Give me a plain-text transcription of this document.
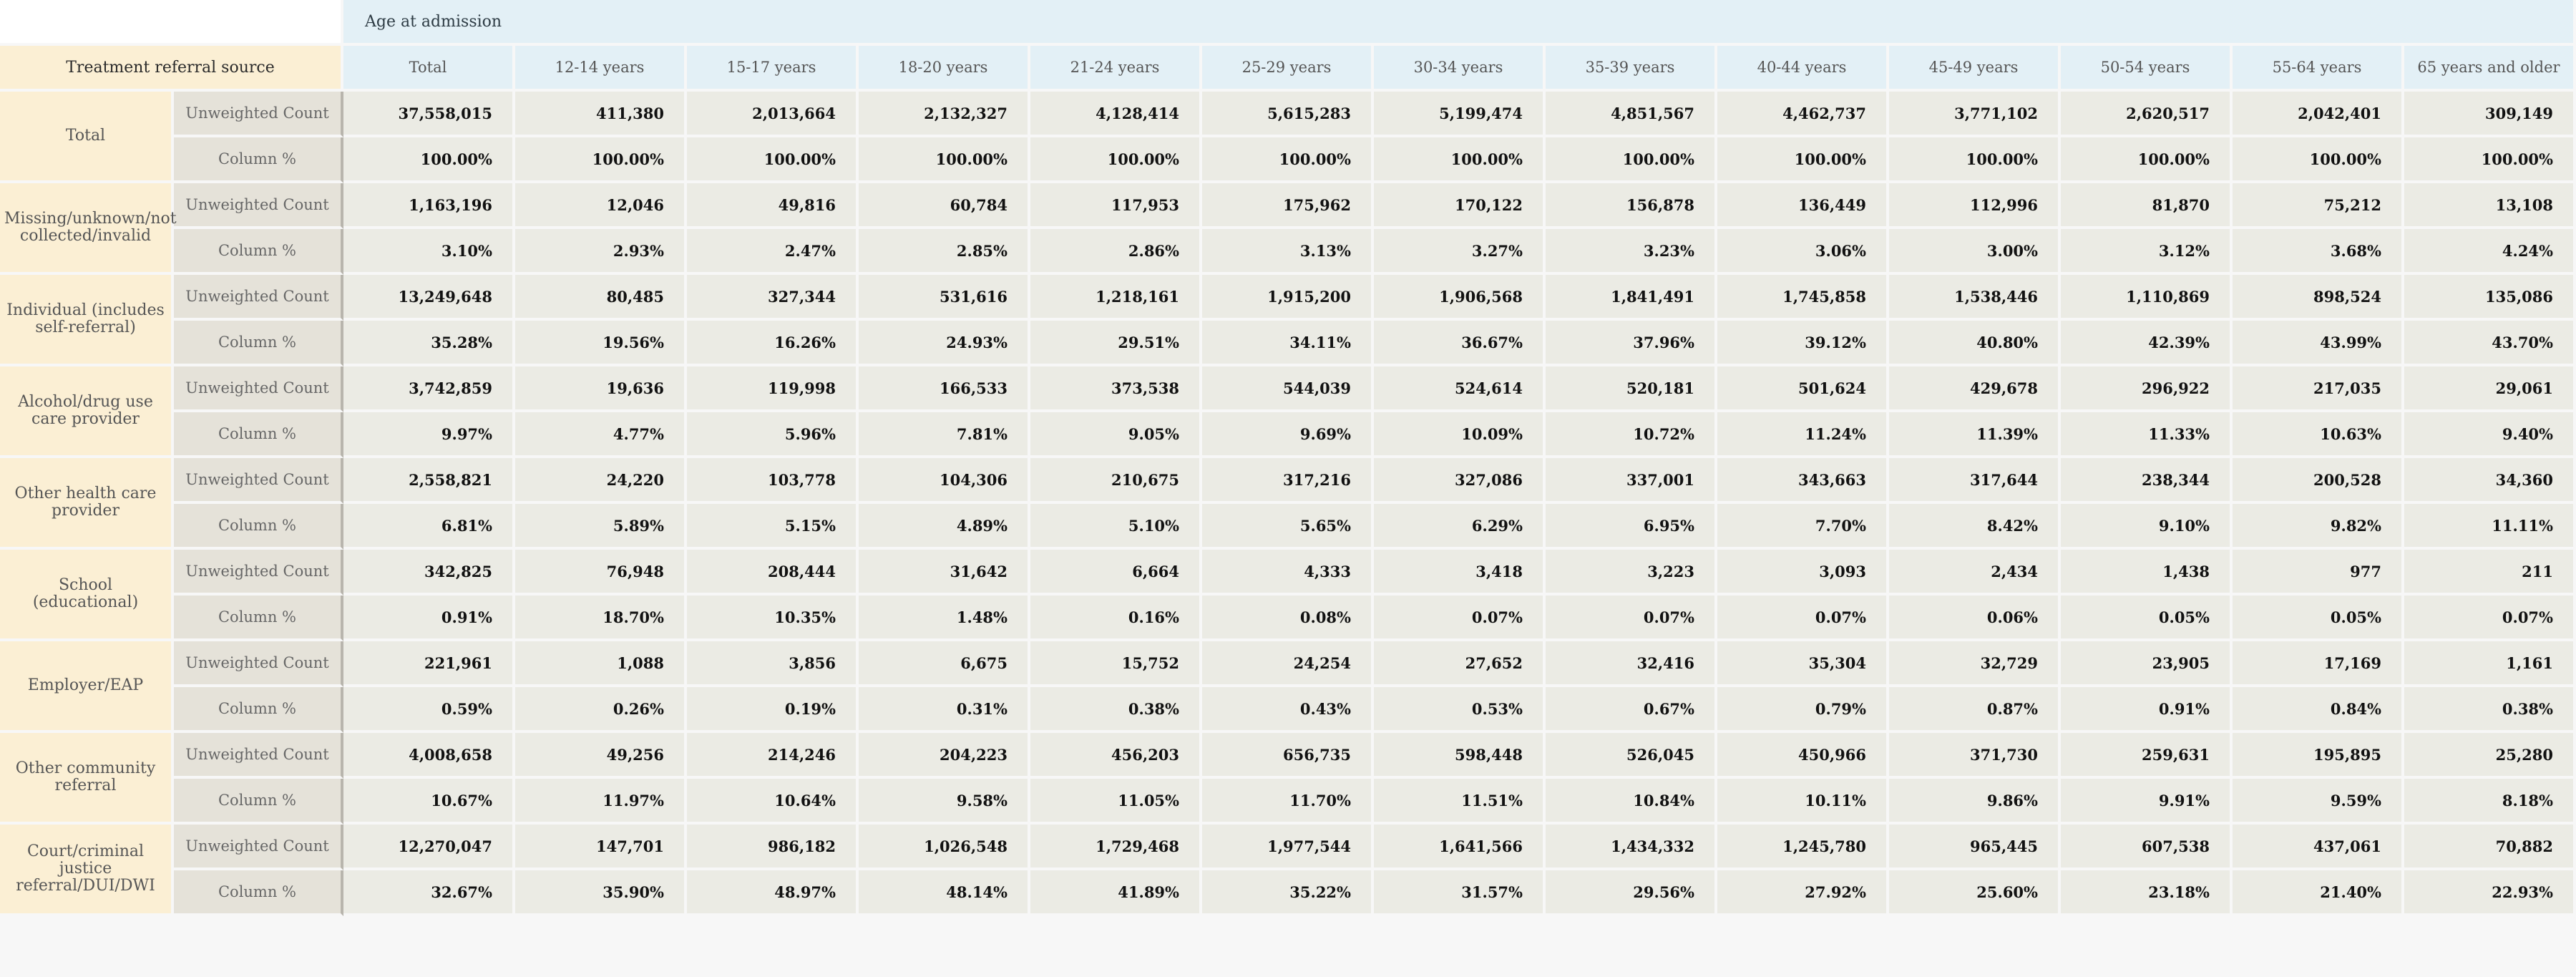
		Age at admission												
Treatment referral source		Total	12-14 years	15-17 years	18-20 years	21-24 years	25-29 years	30-34 years	35-39 years	40-44 years	45-49 years	50-54 years	55-64 years	65 years and older
Total	Unweighted Count	37,558,015	411,380	2,013,664	2,132,327	4,128,414	5,615,283	5,199,474	4,851,567	4,462,737	3,771,102	2,620,517	2,042,401	309,149
	Column %	100.00%	100.00%	100.00%	100.00%	100.00%	100.00%	100.00%	100.00%	100.00%	100.00%	100.00%	100.00%	100.00%
Missing/unknown/not collected/invalid	Unweighted Count	1,163,196	12,046	49,816	60,784	117,953	175,962	170,122	156,878	136,449	112,996	81,870	75,212	13,108
	Column %	3.10%	2.93%	2.47%	2.85%	2.86%	3.13%	3.27%	3.23%	3.06%	3.00%	3.12%	3.68%	4.24%
Individual (includes self-referral)	Unweighted Count	13,249,648	80,485	327,344	531,616	1,218,161	1,915,200	1,906,568	1,841,491	1,745,858	1,538,446	1,110,869	898,524	135,086
	Column %	35.28%	19.56%	16.26%	24.93%	29.51%	34.11%	36.67%	37.96%	39.12%	40.80%	42.39%	43.99%	43.70%
Alcohol/drug use care provider	Unweighted Count	3,742,859	19,636	119,998	166,533	373,538	544,039	524,614	520,181	501,624	429,678	296,922	217,035	29,061
	Column %	9.97%	4.77%	5.96%	7.81%	9.05%	9.69%	10.09%	10.72%	11.24%	11.39%	11.33%	10.63%	9.40%
Other health care provider	Unweighted Count	2,558,821	24,220	103,778	104,306	210,675	317,216	327,086	337,001	343,663	317,644	238,344	200,528	34,360
	Column %	6.81%	5.89%	5.15%	4.89%	5.10%	5.65%	6.29%	6.95%	7.70%	8.42%	9.10%	9.82%	11.11%
School (educational)	Unweighted Count	342,825	76,948	208,444	31,642	6,664	4,333	3,418	3,223	3,093	2,434	1,438	977	211
	Column %	0.91%	18.70%	10.35%	1.48%	0.16%	0.08%	0.07%	0.07%	0.07%	0.06%	0.05%	0.05%	0.07%
Employer/EAP	Unweighted Count	221,961	1,088	3,856	6,675	15,752	24,254	27,652	32,416	35,304	32,729	23,905	17,169	1,161
	Column %	0.59%	0.26%	0.19%	0.31%	0.38%	0.43%	0.53%	0.67%	0.79%	0.87%	0.91%	0.84%	0.38%
Other community referral	Unweighted Count	4,008,658	49,256	214,246	204,223	456,203	656,735	598,448	526,045	450,966	371,730	259,631	195,895	25,280
	Column %	10.67%	11.97%	10.64%	9.58%	11.05%	11.70%	11.51%	10.84%	10.11%	9.86%	9.91%	9.59%	8.18%
Court/criminal justice referral/DUI/DWI	Unweighted Count	12,270,047	147,701	986,182	1,026,548	1,729,468	1,977,544	1,641,566	1,434,332	1,245,780	965,445	607,538	437,061	70,882
	Column %	32.67%	35.90%	48.97%	48.14%	41.89%	35.22%	31.57%	29.56%	27.92%	25.60%	23.18%	21.40%	22.93%
